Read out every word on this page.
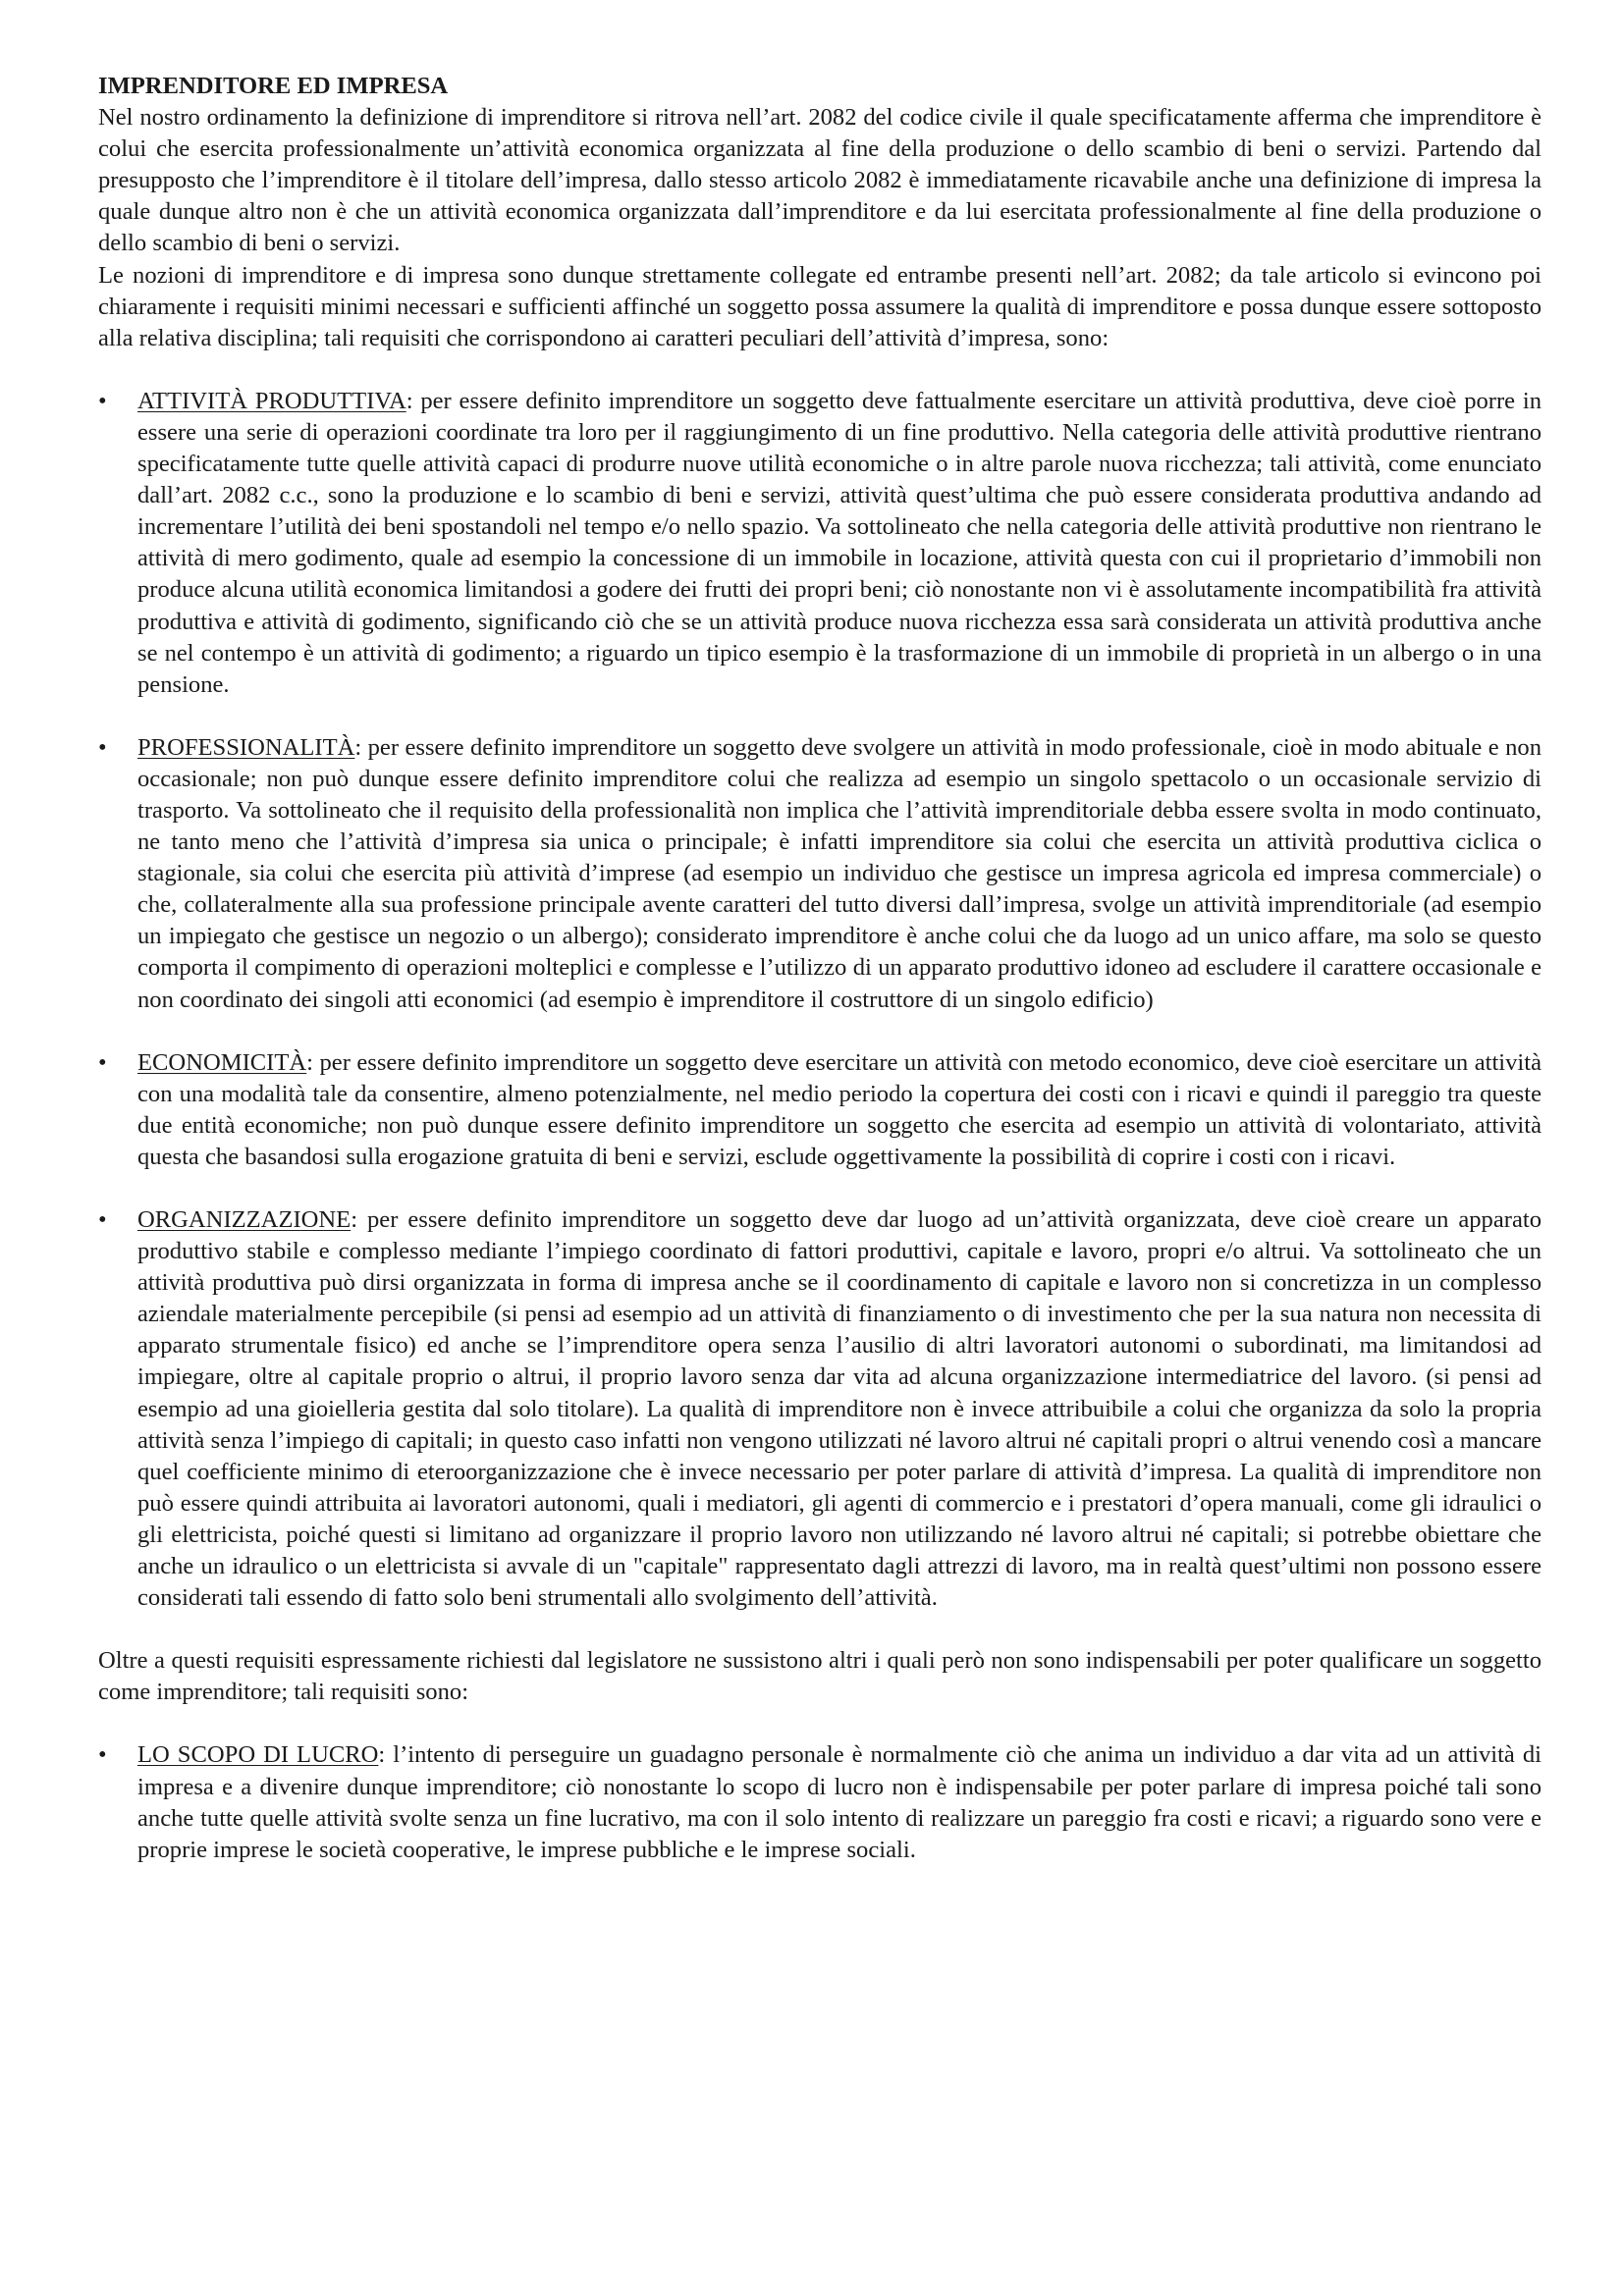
IMPRENDITORE ED IMPRESA

Nel nostro ordinamento la definizione di imprenditore si ritrova nell’art. 2082 del codice civile il quale specificatamente afferma che imprenditore è colui che esercita professionalmente un’attività economica organizzata al fine della produzione o dello scambio di beni o servizi. Partendo dal presupposto che l’imprenditore è il titolare dell’impresa, dallo stesso articolo 2082 è immediatamente ricavabile anche una definizione di impresa la quale dunque altro non è che un attività economica organizzata dall’imprenditore e da lui esercitata professionalmente al fine della produzione o dello scambio di beni o servizi.

Le nozioni di imprenditore e di impresa sono dunque strettamente collegate ed entrambe presenti nell’art. 2082; da tale articolo si evincono poi chiaramente i requisiti minimi necessari e sufficienti affinché un soggetto possa assumere la qualità di imprenditore e possa dunque essere sottoposto alla relativa disciplina; tali requisiti che corrispondono ai caratteri peculiari dell’attività d’impresa, sono:

•	ATTIVITÀ PRODUTTIVA: per essere definito imprenditore un soggetto deve fattualmente esercitare un attività produttiva, deve cioè porre in essere una serie di operazioni coordinate tra loro per il raggiungimento di un fine produttivo. Nella categoria delle attività produttive rientrano specificatamente tutte quelle attività capaci di produrre nuove utilità economiche o in altre parole nuova ricchezza; tali attività, come enunciato dall’art. 2082 c.c., sono la produzione e lo scambio di beni e servizi, attività quest’ultima che può essere considerata produttiva andando ad incrementare l’utilità dei beni spostandoli nel tempo e/o nello spazio. Va sottolineato che nella categoria delle attività produttive non rientrano le attività di mero godimento, quale ad esempio la concessione di un immobile in locazione, attività questa con cui il proprietario d’immobili non produce alcuna utilità economica limitandosi a godere dei frutti dei propri beni; ciò nonostante non vi è assolutamente incompatibilità fra attività produttiva e attività di godimento, significando ciò che se un attività produce nuova ricchezza essa sarà considerata un attività produttiva anche se nel contempo è un attività di godimento; a riguardo un tipico esempio è la trasformazione di un immobile di proprietà in un albergo o in una pensione.
•	PROFESSIONALITÀ: per essere definito imprenditore un soggetto deve svolgere un attività in modo professionale, cioè in modo abituale e non occasionale; non può dunque essere definito imprenditore colui che realizza ad esempio un singolo spettacolo o un occasionale servizio di trasporto. Va sottolineato che il requisito della professionalità non implica che l’attività imprenditoriale debba essere svolta in modo continuato, ne tanto meno che l’attività d’impresa sia unica o principale; è infatti imprenditore sia colui che esercita un attività produttiva ciclica o stagionale, sia colui che esercita più attività d’imprese (ad esempio un individuo che gestisce un impresa agricola ed impresa commerciale) o che, collateralmente alla sua professione principale avente caratteri del tutto diversi dall’impresa, svolge un attività imprenditoriale (ad esempio un impiegato che gestisce un negozio o un albergo); considerato imprenditore è anche colui che da luogo ad un unico affare, ma solo se questo comporta il compimento di operazioni molteplici e complesse e l’utilizzo di un apparato produttivo idoneo ad escludere il carattere occasionale e non coordinato dei singoli atti economici (ad esempio è imprenditore il costruttore di un singolo edificio)
•	ECONOMICITÀ: per essere definito imprenditore un soggetto deve esercitare un attività con metodo economico, deve cioè esercitare un attività con una modalità tale da consentire, almeno potenzialmente, nel medio periodo la copertura dei costi con i ricavi e quindi il pareggio tra queste due entità economiche; non può dunque essere definito imprenditore un soggetto che esercita ad esempio un attività di volontariato, attività questa che basandosi sulla erogazione gratuita di beni e servizi, esclude oggettivamente la possibilità di coprire i costi con i ricavi.
•	ORGANIZZAZIONE: per essere definito imprenditore un soggetto deve dar luogo ad un’attività organizzata, deve cioè creare un apparato produttivo stabile e complesso mediante l’impiego coordinato di fattori produttivi, capitale e lavoro, propri e/o altrui. Va sottolineato che un attività produttiva può dirsi organizzata in forma di impresa anche se il coordinamento di capitale e lavoro non si concretizza in un complesso aziendale materialmente percepibile (si pensi ad esempio ad un attività di finanziamento o di investimento che per la sua natura non necessita di apparato strumentale fisico) ed anche se l’imprenditore opera senza l’ausilio di altri lavoratori autonomi o subordinati, ma limitandosi ad impiegare, oltre al capitale proprio o altrui, il proprio lavoro senza dar vita ad alcuna organizzazione intermediatrice del lavoro. (si pensi ad esempio ad una gioielleria gestita dal solo titolare). La qualità di imprenditore non è invece attribuibile a colui che organizza da solo la propria attività senza l’impiego di capitali; in questo caso infatti non vengono utilizzati né lavoro altrui né capitali propri o altrui venendo così a mancare quel coefficiente minimo di eteroorganizzazione che è invece necessario per poter parlare di attività d’impresa. La qualità di imprenditore non può essere quindi attribuita ai lavoratori autonomi, quali i mediatori, gli agenti di commercio e i prestatori d’opera manuali, come gli idraulici o gli elettricista, poiché questi si limitano ad organizzare il proprio lavoro non utilizzando né lavoro altrui né capitali; si potrebbe obiettare che anche un idraulico o un elettricista si avvale di un "capitale" rappresentato dagli attrezzi di lavoro, ma in realtà quest’ultimi non possono essere considerati tali essendo di fatto solo beni strumentali allo svolgimento dell’attività.

Oltre a questi requisiti espressamente richiesti dal legislatore ne sussistono altri i quali però non sono indispensabili per poter qualificare un soggetto come imprenditore; tali requisiti sono:

•	LO SCOPO DI LUCRO: l’intento di perseguire un guadagno personale è normalmente ciò che anima un individuo a dar vita ad un attività di impresa e a divenire dunque imprenditore; ciò nonostante lo scopo di lucro non è indispensabile per poter parlare di impresa poiché tali sono anche tutte quelle attività svolte senza un fine lucrativo, ma con il solo intento di realizzare un pareggio fra costi e ricavi; a riguardo sono vere e proprie imprese le società cooperative, le imprese pubbliche e le imprese sociali.
